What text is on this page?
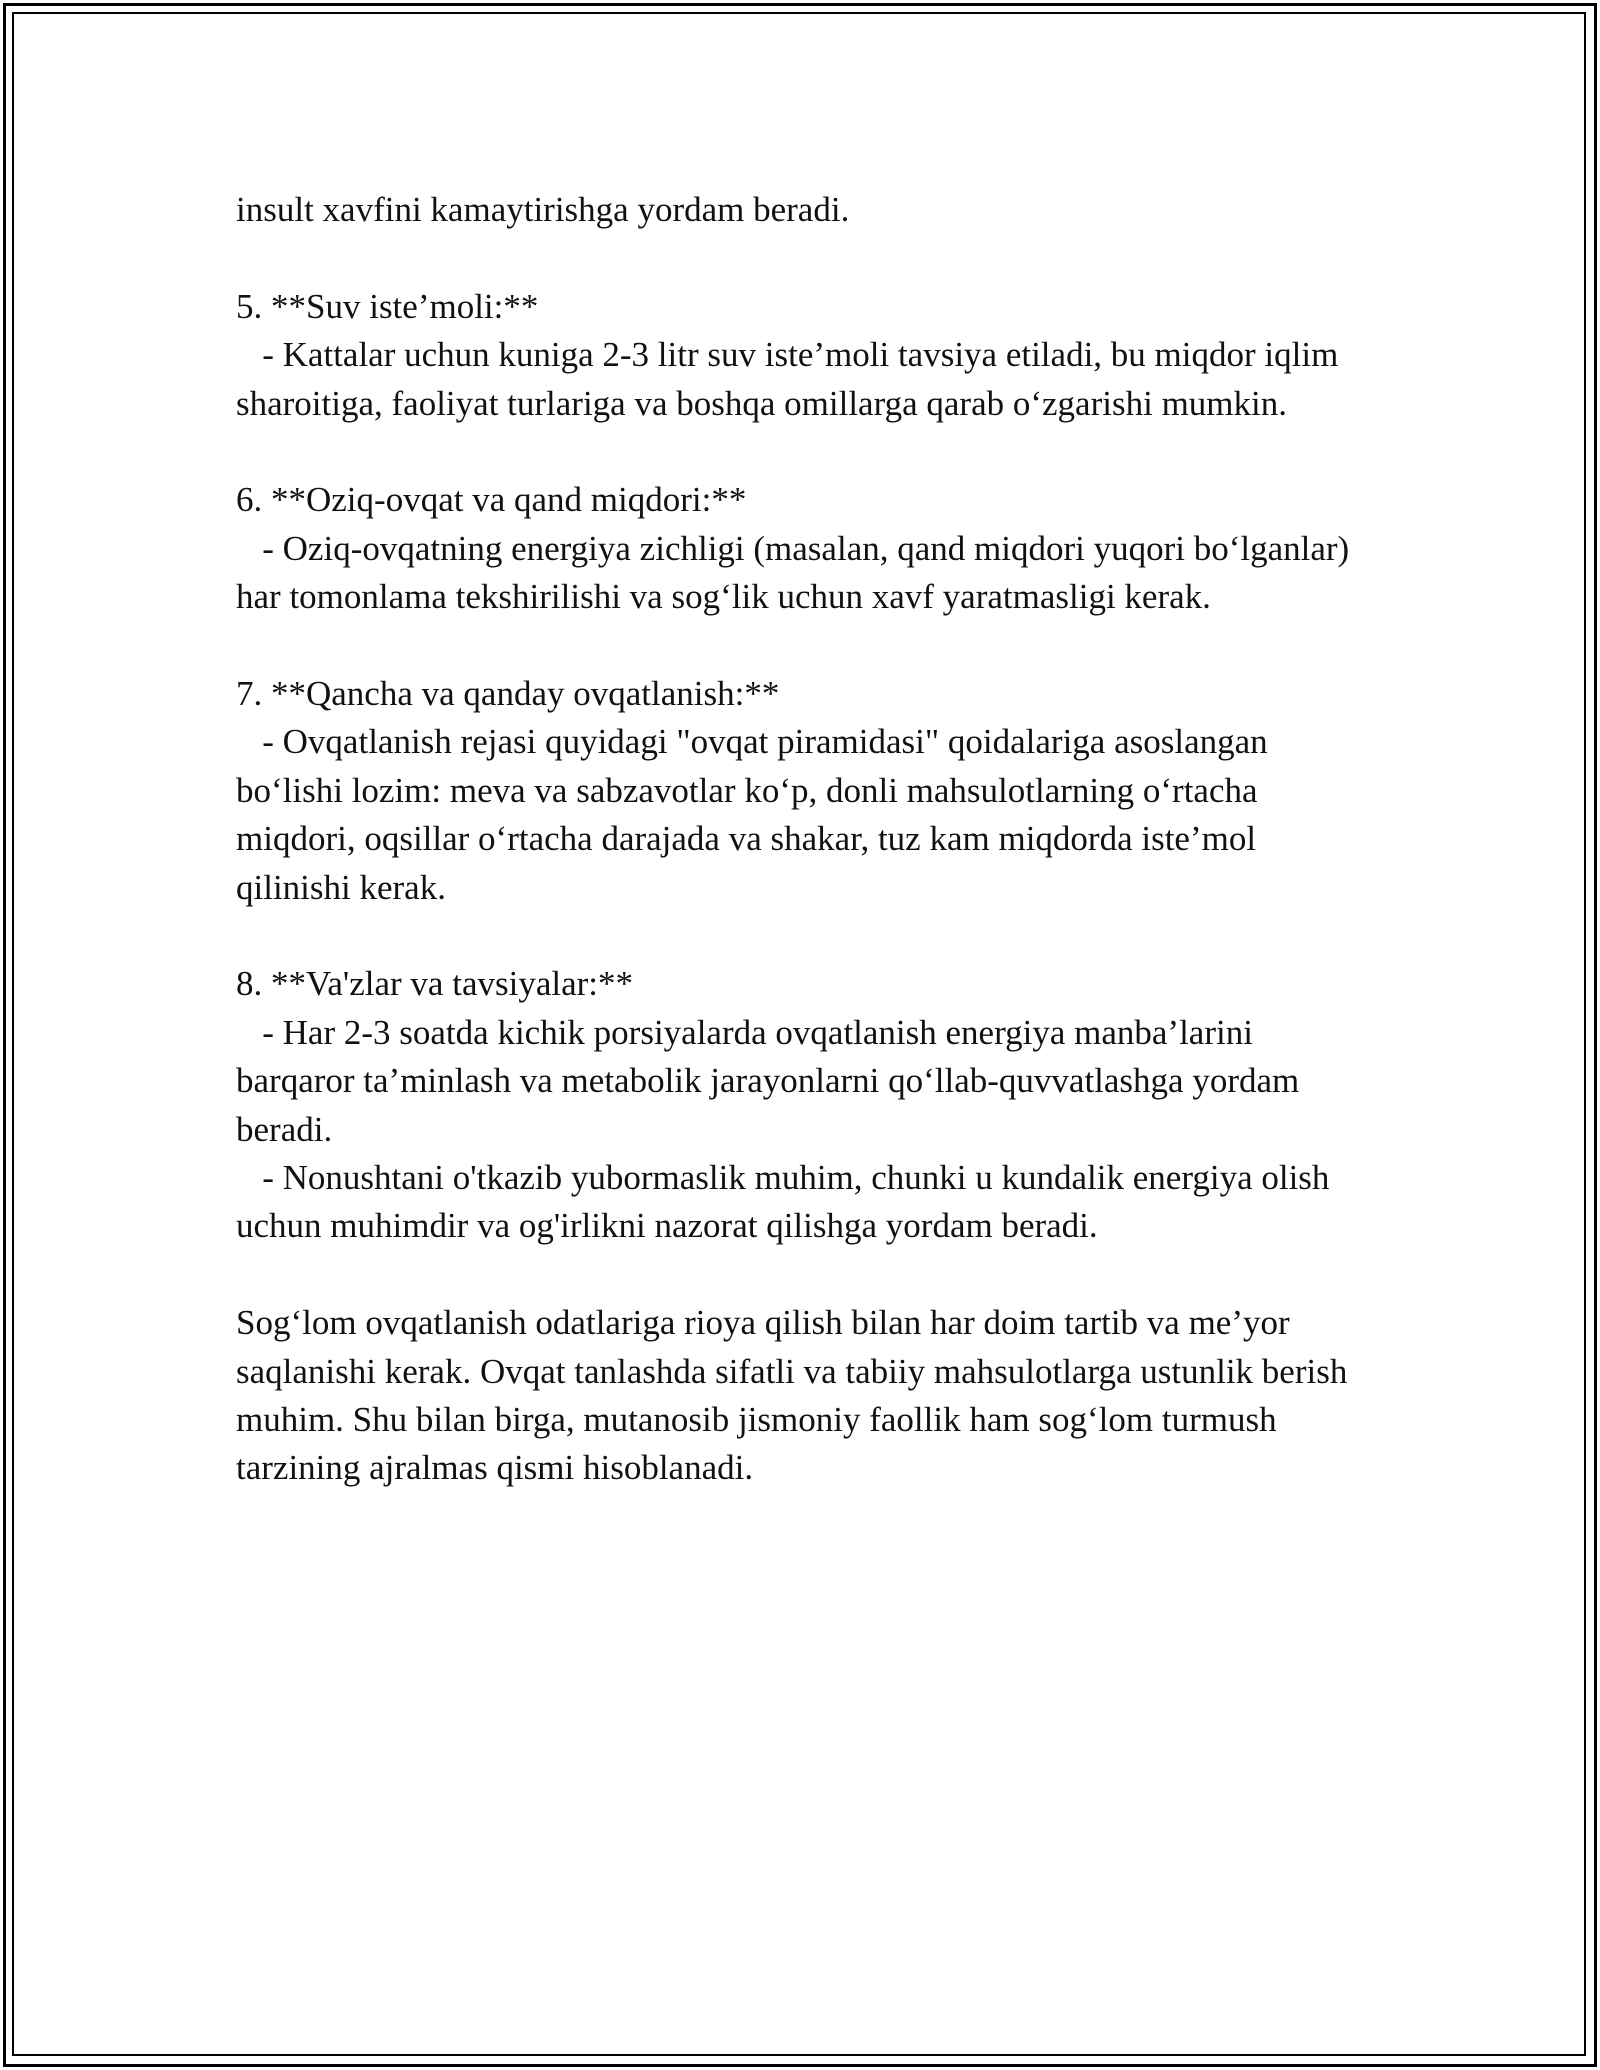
insult xavfini kamaytirishga yordam beradi.

5. **Suv iste’moli:**

- Kattalar uchun kuniga 2-3 litr suv iste’moli tavsiya etiladi, bu miqdor iqlim sharoitiga, faoliyat turlariga va boshqa omillarga qarab o‘zgarishi mumkin.

6. **Oziq-ovqat va qand miqdori:**

- Oziq-ovqatning energiya zichligi (masalan, qand miqdori yuqori bo‘lganlar) har tomonlama tekshirilishi va sog‘lik uchun xavf yaratmasligi kerak.

7. **Qancha va qanday ovqatlanish:**

- Ovqatlanish rejasi quyidagi "ovqat piramidasi" qoidalariga asoslangan bo‘lishi lozim: meva va sabzavotlar ko‘p, donli mahsulotlarning o‘rtacha miqdori, oqsillar o‘rtacha darajada va shakar, tuz kam miqdorda iste’mol qilinishi kerak.

8. **Va'zlar va tavsiyalar:**

- Har 2-3 soatda kichik porsiyalarda ovqatlanish energiya manba’larini barqaror ta’minlash va metabolik jarayonlarni qo‘llab-quvvatlashga yordam beradi.

- Nonushtani o'tkazib yubormaslik muhim, chunki u kundalik energiya olish uchun muhimdir va og'irlikni nazorat qilishga yordam beradi.

Sog‘lom ovqatlanish odatlariga rioya qilish bilan har doim tartib va me’yor saqlanishi kerak. Ovqat tanlashda sifatli va tabiiy mahsulotlarga ustunlik berish muhim. Shu bilan birga, mutanosib jismoniy faollik ham sog‘lom turmush tarzining ajralmas qismi hisoblanadi.
